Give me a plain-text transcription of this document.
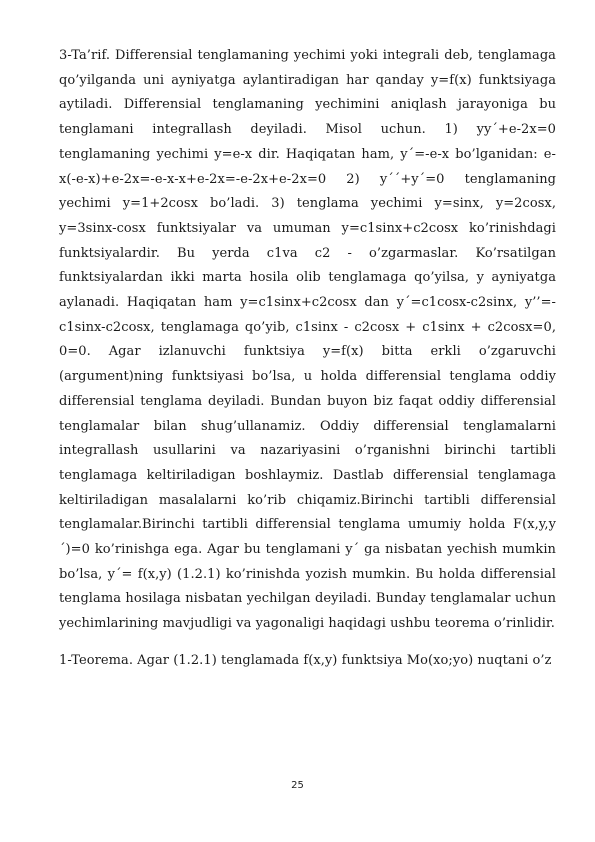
3-Ta’rif. Differensial tenglamaning yechimi yoki integrali deb, tenglamaga qo’yilganda uni ayniyatga aylantiradigan har qanday y=f(x) funktsiyaga aytiladi. Differensial tenglamaning yechimini aniqlash jarayoniga bu tenglamani integrallash deyiladi. Misol uchun. 1) yy´+e-2x=0 tenglamaning yechimi y=e-x dir. Haqiqatan ham, y´=-e-x bo’lganidan: e-x(-e-x)+e-2x=-e-x-x+e-2x=-e-2x+e-2x=0 2) y´´+y´=0 tenglamaning yechimi y=1+2cosx bo’ladi. 3) tenglama yechimi y=sinx, y=2cosx, y=3sinx-cosx funktsiyalar va umuman y=c1sinx+c2cosx ko’rinishdagi funktsiyalardir. Bu yerda c1va c2 - o’zgarmaslar. Ko’rsatilgan funktsiyalardan ikki marta hosila olib tenglamaga qo’yilsa, y ayniyatga aylanadi. Haqiqatan ham y=c1sinx+c2cosx dan y´=c1cosx-c2sinx, y’’=-c1sinx-c2cosx, tenglamaga qo’yib, c1sinx - c2cosx + c1sinx + c2cosx=0, 0=0. Agar izlanuvchi funktsiya y=f(x) bitta erkli o’zgaruvchi (argument)ning funktsiyasi bo’lsa, u holda differensial tenglama oddiy differensial tenglama deyiladi. Bundan buyon biz faqat oddiy differensial tenglamalar bilan shug’ullanamiz. Oddiy differensial tenglamalarni integrallash usullarini va nazariyasini o’rganishni birinchi tartibli tenglamaga keltiriladigan boshlaymiz. Dastlab differensial tenglamaga keltiriladigan masalalarni ko’rib chiqamiz.Birinchi tartibli differensial tenglamalar.Birinchi tartibli differensial tenglama umumiy holda F(x,y,y´)=0 ko’rinishga ega. Agar bu tenglamani y´ ga nisbatan yechish mumkin bo’lsa, y´= f(x,y) (1.2.1) ko’rinishda yozish mumkin. Bu holda differensial tenglama hosilaga nisbatan yechilgan deyiladi. Bunday tenglamalar uchun yechimlarining mavjudligi va yagonaligi haqidagi ushbu teorema o’rinlidir.

1-Teorema. Agar (1.2.1) tenglamada f(x,y) funktsiya Mo(xo;yo) nuqtani o’z

25
